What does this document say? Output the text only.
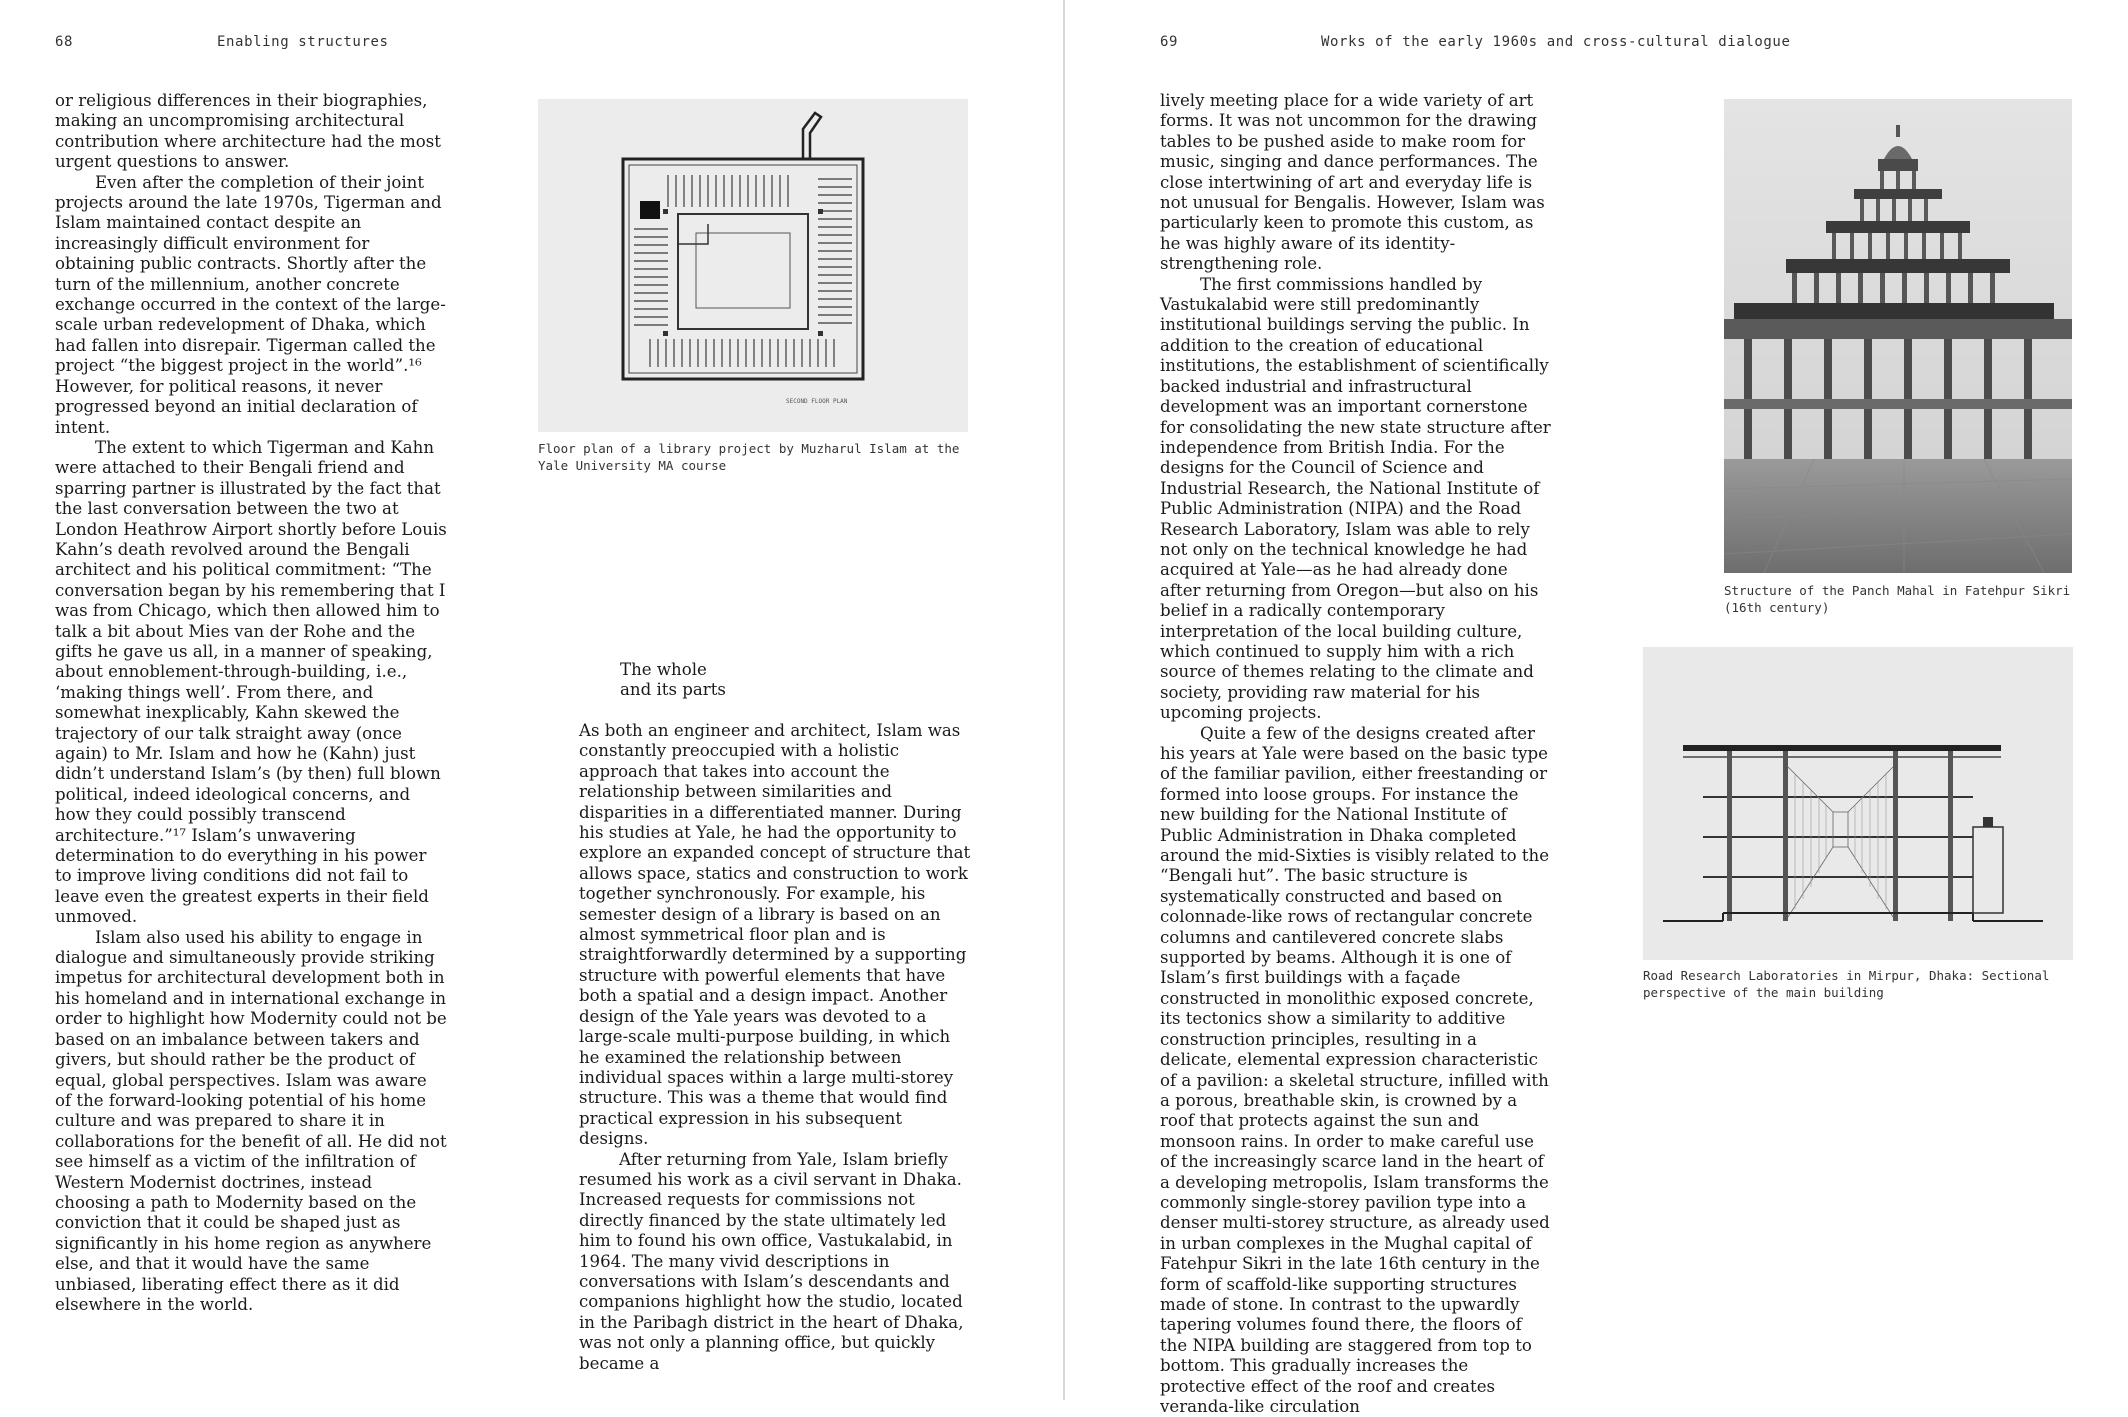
68	Enabling structures

or religious differences in their biographies, making an uncompromising architectural contribution where architecture had the most urgent questions to answer.

Even after the completion of their joint projects around the late 1970s, Tigerman and Islam maintained contact despite an increasingly difficult environment for obtaining public contracts. Shortly after the turn of the millennium, another concrete exchange occurred in the context of the large-scale urban redevelopment of Dhaka, which had fallen into disrepair. Tigerman called the project “the biggest project in the world”.¹⁶ However, for political reasons, it never progressed beyond an initial declaration of intent.

The extent to which Tigerman and Kahn were attached to their Bengali friend and sparring partner is illustrated by the fact that the last conversation between the two at London Heathrow Airport shortly before Louis Kahn’s death revolved around the Bengali architect and his political commitment: “The conversation began by his remembering that I was from Chicago, which then allowed him to talk a bit about Mies van der Rohe and the gifts he gave us all, in a manner of speaking, about ennoblement-through-building, i.e., ‘making things well’. From there, and somewhat inexplicably, Kahn skewed the trajectory of our talk straight away (once again) to Mr. Islam and how he (Kahn) just didn’t understand Islam’s (by then) full blown political, indeed ideological concerns, and how they could possibly transcend architecture.”¹⁷ Islam’s unwavering determination to do everything in his power to improve living conditions did not fail to leave even the greatest experts in their field unmoved.

Islam also used his ability to engage in dialogue and simultaneously provide striking impetus for architectural development both in his homeland and in international exchange in order to highlight how Modernity could not be based on an imbalance between takers and givers, but should rather be the product of equal, global perspectives. Islam was aware of the forward-looking potential of his home culture and was prepared to share it in collaborations for the benefit of all. He did not see himself as a victim of the infiltration of Western Modernist doctrines, instead choosing a path to Modernity based on the conviction that it could be shaped just as significantly in his home region as anywhere else, and that it would have the same unbiased, liberating effect there as it did elsewhere in the world.

SECOND FLOOR PLAN
Floor plan of a library project by Muzharul Islam at the Yale University MA course
The whole
and its parts

As both an engineer and architect, Islam was constantly preoccupied with a holistic approach that takes into account the relationship between similarities and disparities in a differentiated manner. During his studies at Yale, he had the opportunity to explore an expanded concept of structure that allows space, statics and construction to work together synchronously. For example, his semester design of a library is based on an almost symmetrical floor plan and is straightforwardly determined by a supporting structure with powerful elements that have both a spatial and a design impact. Another design of the Yale years was devoted to a large-scale multi-purpose building, in which he examined the relationship between individual spaces within a large multi-storey structure. This was a theme that would find practical expression in his subsequent designs.

After returning from Yale, Islam briefly resumed his work as a civil servant in Dhaka. Increased requests for commissions not directly financed by the state ultimately led him to found his own office, Vastukalabid, in 1964. The many vivid descriptions in conversations with Islam’s descendants and companions highlight how the studio, located in the Paribagh district in the heart of Dhaka, was not only a planning office, but quickly became a

69	Works of the early 1960s and cross-cultural dialogue

lively meeting place for a wide variety of art forms. It was not uncommon for the drawing tables to be pushed aside to make room for music, singing and dance performances. The close intertwining of art and everyday life is not unusual for Bengalis. However, Islam was particularly keen to promote this custom, as he was highly aware of its identity-strengthening role.

The first commissions handled by Vastukalabid were still predominantly institutional buildings serving the public. In addition to the creation of educational institutions, the establishment of scientifically backed industrial and infrastructural development was an important cornerstone for consolidating the new state structure after independence from British India. For the designs for the Council of Science and Industrial Research, the National Institute of Public Administration (NIPA) and the Road Research Laboratory, Islam was able to rely not only on the technical knowledge he had acquired at Yale—as he had already done after returning from Oregon—but also on his belief in a radically contemporary interpretation of the local building culture, which continued to supply him with a rich source of themes relating to the climate and society, providing raw material for his upcoming projects.

Quite a few of the designs created after his years at Yale were based on the basic type of the familiar pavilion, either freestanding or formed into loose groups. For instance the new building for the National Institute of Public Administration in Dhaka completed around the mid-Sixties is visibly related to the “Bengali hut”. The basic structure is systematically constructed and based on colonnade-like rows of rectangular concrete columns and cantilevered concrete slabs supported by beams. Although it is one of Islam’s first buildings with a façade constructed in monolithic exposed concrete, its tectonics show a similarity to additive construction principles, resulting in a delicate, elemental expression characteristic of a pavilion: a skeletal structure, infilled with a porous, breathable skin, is crowned by a roof that protects against the sun and monsoon rains. In order to make careful use of the increasingly scarce land in the heart of a developing metropolis, Islam transforms the commonly single-storey pavilion type into a denser multi-storey structure, as already used in urban complexes in the Mughal capital of Fatehpur Sikri in the late 16th century in the form of scaffold-like supporting structures made of stone. In contrast to the upwardly tapering volumes found there, the floors of the NIPA building are staggered from top to bottom. This gradually increases the protective effect of the roof and creates veranda-like circulation

Structure of the Panch Mahal in Fatehpur Sikri (16th century)
Road Research Laboratories in Mirpur, Dhaka: Sectional perspective of the main building
